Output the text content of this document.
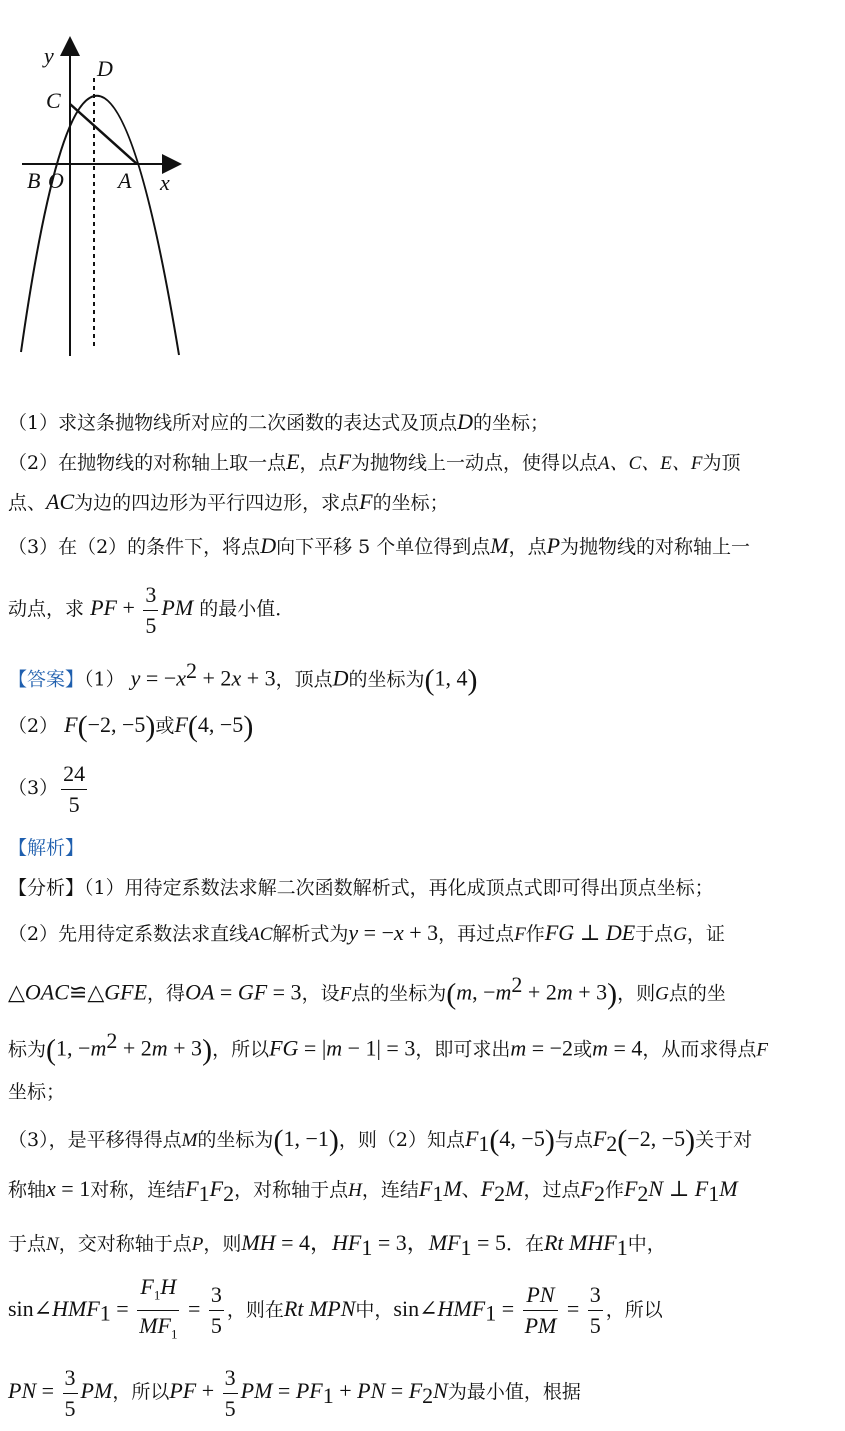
y
D
C
B O A x
（1）求这条抛物线所对应的二次函数的表达式及顶点D的坐标；
（2）在抛物线的对称轴上取一点E，点F为抛物线上一动点，使得以点A、C、E、F为顶
点、AC为边的四边形为平行四边形，求点F的坐标；
（3）在（2）的条件下，将点D向下平移 5 个单位得到点M，点P为抛物线的对称轴上一
动点，求 PF + $\frac{3}{5}$ PM 的最小值．
【答案】（1） $y = -x^2 + 2x + 3$，顶点D的坐标为(1, 4)
（2） F(−2, −5)或F(4, −5)
$(3) \frac{24}{5}$
【解析】
【分析】（1）用待定系数法求解二次函数解析式，再化成顶点式即可得出顶点坐标；
（2）先用待定系数法求直线AC解析式为y = −x + 3，再过点F作FG ⊥ DE于点G，证
△OAC≌△GFE，得OA = GF = 3，设F点的坐标为(m, $-m^2 + 2m + 3$)，则G点的坐
标为(1, $-m^2 + 2m + 3$)，所以FG = |m − 1| = 3，即可求出m = −2或m = 4，从而求得点F
坐标；
（3），是平移得得点M的坐标为(1, −1)，则（2）知点$F_1(4$, −5)与点$F_2(-2$, −5)关于对
称轴x = 1对称，连结$F_1F_2$，对称轴于点H，连结$F_1M$、$F_2M$，过点$F_2$作$F_2N$ ⊥ $F_1M$
于点N，交对称轴于点P，则MH = 4，$HF_1 = 3$，$MF_1 = 5$．在Rt $MHF_1$中，
$\sin\angle HMF_1 = \frac{F_1H}{MF_1} = \frac{3}{5}$ ，则在Rt MPN中，$\sin\angle HMF_1 = \frac{PN}{PM} = \frac{3}{5}$ ，所以
PN = $\frac{3}{5}$ PM，所以PF + $\frac{3}{5}$ PM = $PF_1$ + PN = $F_2N$为最小值，根据
